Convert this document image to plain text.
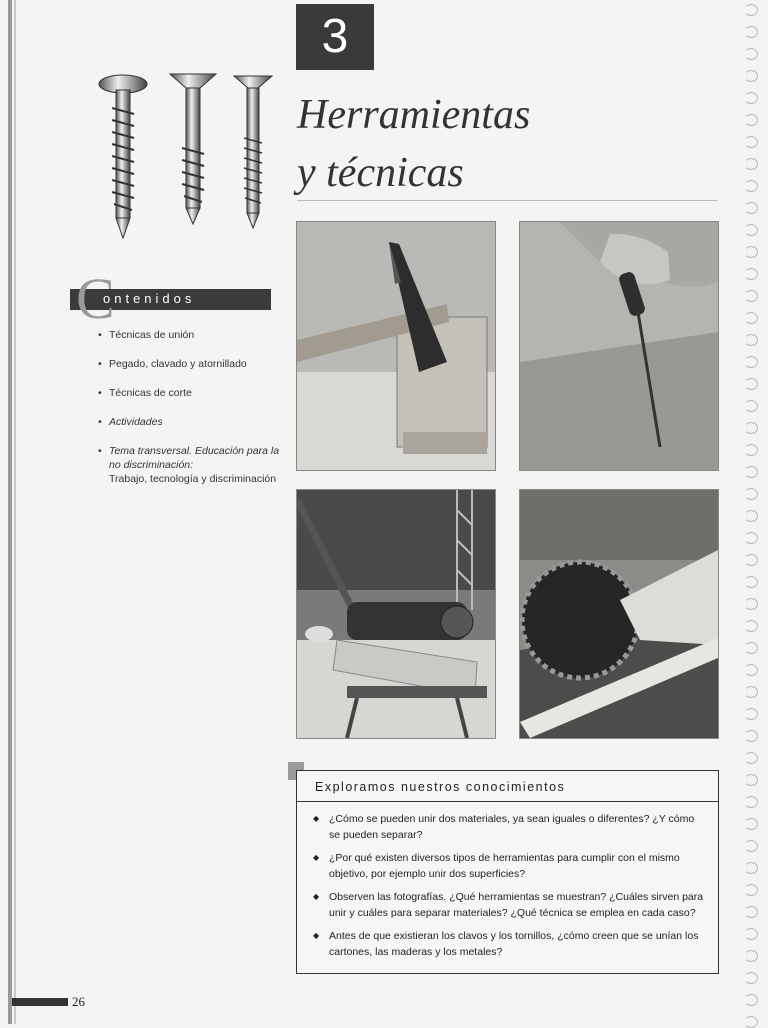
3
Herramientas
y técnicas
C
ontenidos
• Técnicas de unión
• Pegado, clavado y atornillado
• Técnicas de corte
• Actividades
• Tema transversal. Educación para la no discriminación:
Trabajo, tecnología y discriminación
Exploramos nuestros conocimientos
◆ ¿Cómo se pueden unir dos materiales, ya sean iguales o diferentes? ¿Y cómo se pueden separar?
◆ ¿Por qué existen diversos tipos de herramientas para cumplir con el mismo objetivo, por ejemplo unir dos superficies?
◆ Observen las fotografías. ¿Qué herramientas se muestran? ¿Cuáles sirven para unir y cuáles para separar materiales? ¿Qué técnica se emplea en cada caso?
◆ Antes de que existieran los clavos y los tornillos, ¿cómo creen que se unían los cartones, las maderas y los metales?
26
